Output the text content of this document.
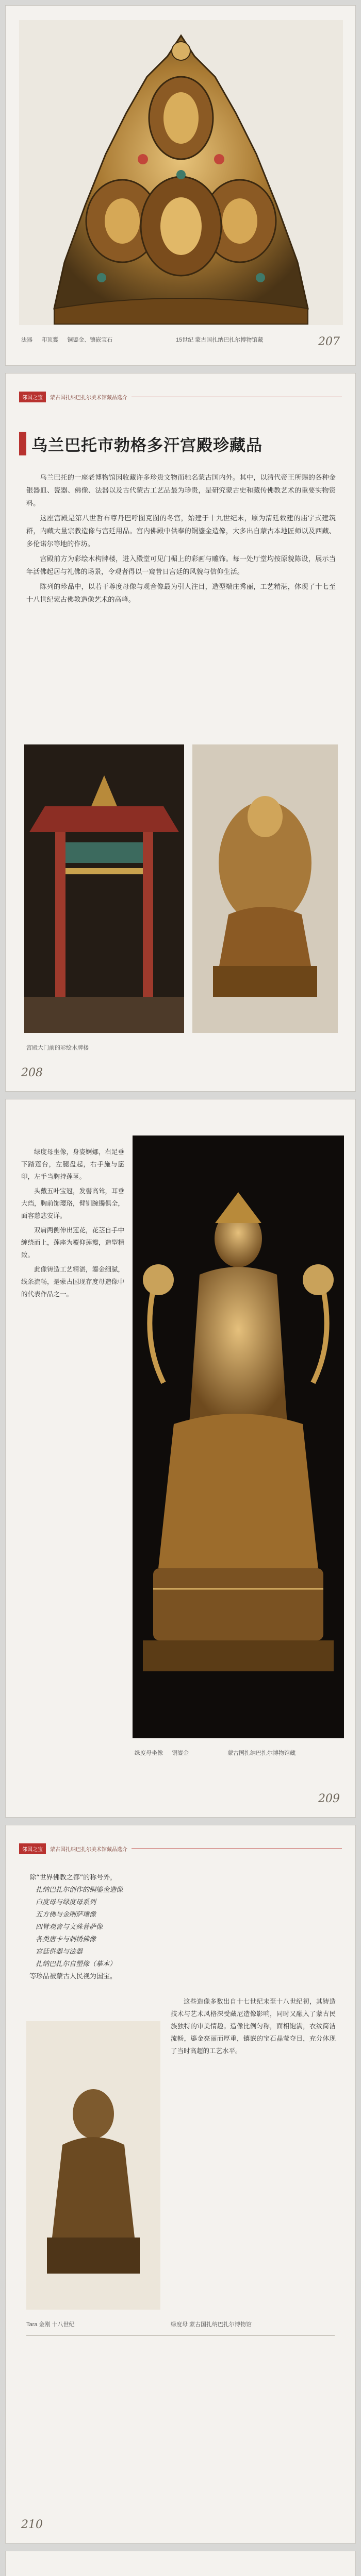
法器 　 印顶鬘 　 铜鎏金、镶嵌宝石	15世纪 蒙古国扎纳巴扎尔博物馆藏	207
邻国之宝	蒙古国扎纳巴扎尔美术馆藏品选介
乌兰巴托市勃格多汗宫殿珍藏品

乌兰巴托的一座老博物馆因收藏许多珍贵文物而驰名蒙古国内外。其中，以清代帝王所赐的各种金银器皿、瓷器、佛像、法器以及古代蒙古工艺品最为珍贵，是研究蒙古史和藏传佛教艺术的重要实物资料。

这座宫殿是第八世哲布尊丹巴呼图克图的冬宫，始建于十九世纪末，原为清廷敕建的庙宇式建筑群，内藏大量宗教造像与宫廷用品。宫内佛殿中供奉的铜鎏金造像，大多出自蒙古本地匠师以及西藏、多伦诺尔等地的作坊。

宫殿前方为彩绘木构牌楼，进入殿堂可见门楣上的彩画与雕饰。每一处厅堂均按原貌陈设，展示当年活佛起居与礼佛的场景，令观者得以一窥昔日宫廷的风貌与信仰生活。

陈列的珍品中，以若干尊度母像与观音像最为引人注目，造型端庄秀丽，工艺精湛，体现了十七至十八世纪蒙古佛教造像艺术的高峰。

宫殿大门前的彩绘木牌楼
208

绿度母坐像，身姿婀娜，右足垂下踏莲台，左腿盘起，右手施与愿印，左手当胸持莲茎。

头戴五叶宝冠，发髻高耸，耳垂大珰，胸前饰璎珞，臂钏腕镯俱全，面容慈悲安详。

双肩两侧伸出莲花，花茎自手中缠绕而上，莲座为覆仰莲瓣，造型精致。

此像铸造工艺精湛，鎏金细腻，线条流畅，是蒙古国现存度母造像中的代表作品之一。

绿度母坐像 　 铜鎏金	蒙古国扎纳巴扎尔博物馆藏
209
邻国之宝	蒙古国扎纳巴扎尔美术馆藏品选介
除“世界佛教之都”的称号外，
扎纳巴扎尔创作的铜鎏金造像
白度母与绿度母系列
五方佛与金刚萨埵像
四臂观音与文殊菩萨像
各类唐卡与刺绣佛像
宫廷供器与法器
扎纳巴扎尔自塑像（摹本）
等珍品被蒙古人民视为国宝。

这些造像多数出自十七世纪末至十八世纪初，其铸造技术与艺术风格深受藏尼造像影响，同时又融入了蒙古民族独特的审美情趣。造像比例匀称，面相饱满，衣纹简洁流畅，鎏金亮丽而厚重，镶嵌的宝石晶莹夺目，充分体现了当时高超的工艺水平。

Tara 金刚 十八世纪	绿度母 蒙古国扎纳巴扎尔博物馆
210
